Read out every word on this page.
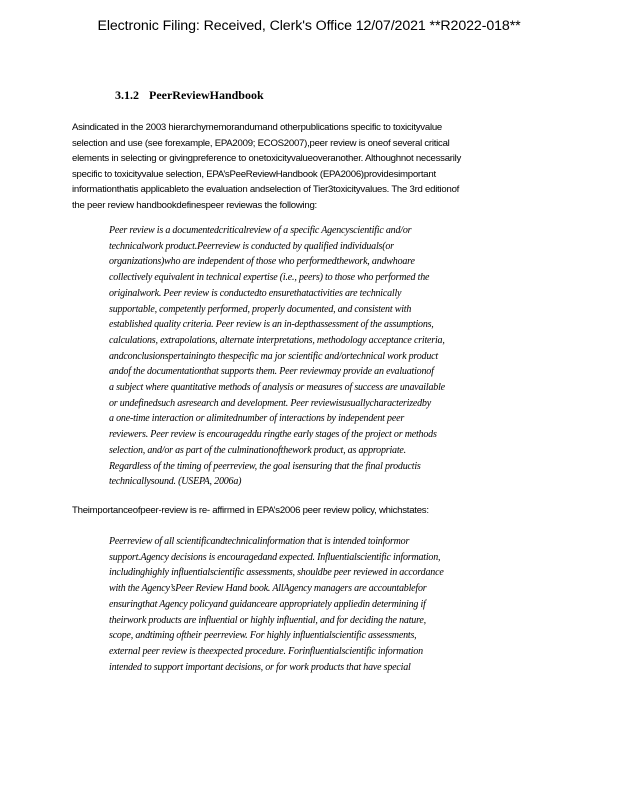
Electronic Filing: Received, Clerk's Office 12/07/2021 **R2022-018**
3.1.2 PeerReviewHandbook
Asindicated in the 2003 hierarchymemorandumand otherpublications specific to toxicityvalue
selection and use (see forexample, EPA2009; ECOS2007),peer review is oneof several critical
elements in selecting or givingpreference to onetoxicityvalueoveranother. Althoughnot necessarily
specific to toxicityvalue selection, EPA’sPeeReviewHandbook (EPA2006)providesimportant
informationthatis applicableto the evaluation andselection of Tier3toxicityvalues. The 3rd editionof
the peer review handbookdefinespeer reviewas the following:
Peer review is a documentedcriticalreview of a specific Agencyscientific and/or
technicalwork product.Peerreview is conducted by qualified individuals(or
organizations)who are independent of those who performedthework, andwhoare
collectively equivalent in technical expertise (i.e., peers) to those who performed the
originalwork. Peer review is conductedto ensurethatactivities are technically
supportable, competently performed, properly documented, and consistent with
established quality criteria. Peer review is an in-depthassessment of the assumptions,
calculations, extrapolations, alternate interpretations, methodology acceptance criteria,
andconclusionspertainingto thespecific ma jor scientific and/ortechnical work product
andof the documentationthat supports them. Peer reviewmay provide an evaluationof
a subject where quantitative methods of analysis or measures of success are unavailable
or undefinedsuch asresearch and development. Peer reviewisusuallycharacterizedby
a one-time interaction or alimitednumber of interactions by independent peer
reviewers. Peer review is encourageddu ringthe early stages of the project or methods
selection, and/or as part of the culminationofthework product, as appropriate.
Regardless of the timing of peerreview, the goal isensuring that the final productis
technicallysound. (USEPA, 2006a)
Theimportanceofpeer-review is re- affirmed in EPA’s2006 peer review policy, whichstates:
Peerreview of all scientificandtechnicalinformation that is intended toinformor
support.Agency decisions is encouragedand expected. Influentialscientific information,
includinghighly influentialscientific assessments, shouldbe peer reviewed in accordance
with the Agency’sPeer Review Hand book. AllAgency managers are accountablefor
ensuringthat Agency policyand guidanceare appropriately appliedin determining if
theirwork products are influential or highly influential, and for deciding the nature,
scope, andtiming oftheir peerreview. For highly influentialscientific assessments,
external peer review is theexpected procedure. Forinfluentialscientific information
intended to support important decisions, or for work products that have special
